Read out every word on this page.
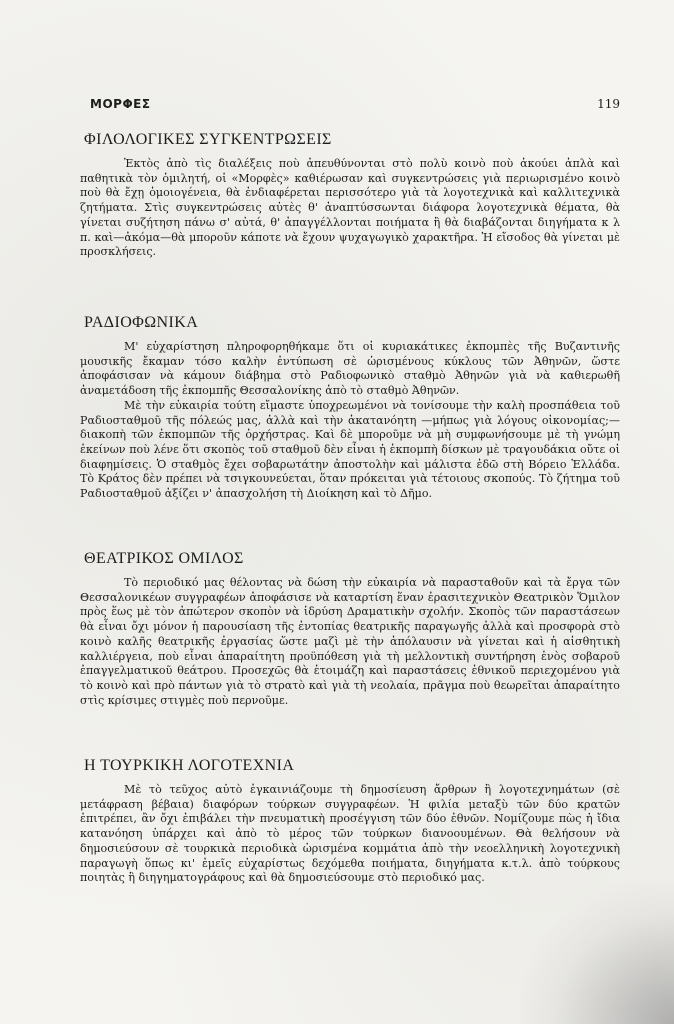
ΜΟΡΦΕΣ	119
ΦΙΛΟΛΟΓΙΚΕΣ ΣΥΓΚΕΝΤΡΩΣΕΙΣ

Ἐκτὸς ἀπὸ τὶς διαλέξεις ποὺ ἀπευθύνονται στὸ πολὺ κοινὸ ποὺ ἀκούει ἁπλὰ καὶ παθητικὰ τὸν ὁμιλητή, οἱ «Μορφὲς» καθιέρωσαν καὶ συγκεντρώσεις γιὰ περιωρισμένο κοινὸ ποὺ θὰ ἔχῃ ὁμοιογένεια, θὰ ἐνδιαφέρεται περισσότερο γιὰ τὰ λογοτεχνικὰ καὶ καλλιτεχνικὰ ζητήματα. Στὶς συγκεντρώσεις αὐτὲς θ' ἀναπτύσσωνται διάφορα λογοτεχνικὰ θέματα, θὰ γίνεται συζήτηση πάνω σ' αὐτά, θ' ἀπαγγέλλονται ποιήματα ἢ θὰ διαβάζονται διηγήματα κ λ π. καὶ—ἀκόμα—θὰ μποροῦν κάποτε νὰ ἔχουν ψυχαγωγικὸ χαρακτῆρα. Ἡ εἴσοδος θὰ γίνεται μὲ προσκλήσεις.

ΡΑΔΙΟΦΩΝΙΚΑ

Μ' εὐχαρίστηση πληροφορηθήκαμε ὅτι οἱ κυριακάτικες ἐκπομπὲς τῆς Βυζαντινῆς μουσικῆς ἔκαμαν τόσο καλὴν ἐντύπωση σὲ ὡρισμένους κύκλους τῶν Ἀθηνῶν, ὥστε ἀποφάσισαν νὰ κάμουν διάβημα στὸ Ραδιοφωνικὸ σταθμὸ Ἀθηνῶν γιὰ νὰ καθιερωθῆ ἀναμετάδοση τῆς ἐκπομπῆς Θεσσαλονίκης ἀπὸ τὸ σταθμὸ Ἀθηνῶν.

Μὲ τὴν εὐκαιρία τούτη εἴμαστε ὑποχρεωμένοι νὰ τονίσουμε τὴν καλὴ προσπάθεια τοῦ Ραδιοσταθμοῦ τῆς πόλεώς μας, ἀλλὰ καὶ τὴν ἀκατανόητη —μήπως γιὰ λόγους οἰκονομίας;—διακοπὴ τῶν ἐκπομπῶν τῆς ὀρχήστρας. Καὶ δὲ μποροῦμε νὰ μὴ συμφωνήσουμε μὲ τὴ γνώμη ἐκείνων ποὺ λένε ὅτι σκοπὸς τοῦ σταθμοῦ δὲν εἶναι ἡ ἐκπομπὴ δίσκων μὲ τραγουδάκια οὔτε οἱ διαφημίσεις. Ὁ σταθμὸς ἔχει σοβαρωτάτην ἀποστολὴν καὶ μάλιστα ἐδῶ στὴ Βόρειο Ἑλλάδα. Τὸ Κράτος δὲν πρέπει νὰ τσιγκουνεύεται, ὅταν πρόκειται γιὰ τέτοιους σκοπούς. Τὸ ζήτημα τοῦ Ραδιοσταθμοῦ ἀξίζει ν' ἀπασχολήση τὴ Διοίκηση καὶ τὸ Δῆμο.

ΘΕΑΤΡΙΚΟΣ ΟΜΙΛΟΣ

Τὸ περιοδικό μας θέλοντας νὰ δώση τὴν εὐκαιρία νὰ παρασταθοῦν καὶ τὰ ἔργα τῶν Θεσσαλονικέων συγγραφέων ἀποφάσισε νὰ καταρτίση ἕναν ἐρασιτεχνικὸν Θεατρικὸν Ὅμιλον πρὸς ἕως μὲ τὸν ἀπώτερον σκοπὸν νὰ ἱδρύση Δραματικὴν σχολήν. Σκοπὸς τῶν παραστάσεων θὰ εἶναι ὄχι μόνον ἡ παρουσίαση τῆς ἐντοπίας θεατρικῆς παραγωγῆς ἀλλὰ καὶ προσφορὰ στὸ κοινὸ καλῆς θεατρικῆς ἐργασίας ὥστε μαζὶ μὲ τὴν ἀπόλαυσιν νὰ γίνεται καὶ ἡ αἰσθητικὴ καλλιέργεια, ποὺ εἶναι ἀπαραίτητη προϋπόθεση γιὰ τὴ μελλοντικὴ συντήρηση ἑνὸς σοβαροῦ ἐπαγγελματικοῦ θεάτρου. Προσεχῶς θὰ ἑτοιμάζη καὶ παραστάσεις ἐθνικοῦ περιεχομένου γιὰ τὸ κοινὸ καὶ πρὸ πάντων γιὰ τὸ στρατὸ καὶ γιὰ τὴ νεολαία, πρᾶγμα ποὺ θεωρεῖται ἀπαραίτητο στὶς κρίσιμες στιγμὲς ποὺ περνοῦμε.

Η ΤΟΥΡΚΙΚΗ ΛΟΓΟΤΕΧΝΙΑ

Μὲ τὸ τεῦχος αὐτὸ ἐγκαινιάζουμε τὴ δημοσίευση ἄρθρων ἢ λογοτεχνημάτων (σὲ μετάφραση βέβαια) διαφόρων τούρκων συγγραφέων. Ἡ φιλία μεταξὺ τῶν δύο κρατῶν ἐπιτρέπει, ἂν ὄχι ἐπιβάλει τὴν πνευματικὴ προσέγγιση τῶν δύο ἐθνῶν. Νομίζουμε πὼς ἡ ἴδια κατανόηση ὑπάρχει καὶ ἀπὸ τὸ μέρος τῶν τούρκων διανοουμένων. Θὰ θελήσουν νὰ δημοσιεύσουν σὲ τουρκικὰ περιοδικὰ ὡρισμένα κομμάτια ἀπὸ τὴν νεοελληνικὴ λογοτεχνικὴ παραγωγὴ ὅπως κι' ἐμεῖς εὐχαρίστως δεχόμεθα ποιήματα, διηγήματα κ.τ.λ. ἀπὸ τούρκους ποιητὰς ἢ διηγηματογράφους καὶ θὰ δημοσιεύσουμε στὸ περιοδικό μας.
